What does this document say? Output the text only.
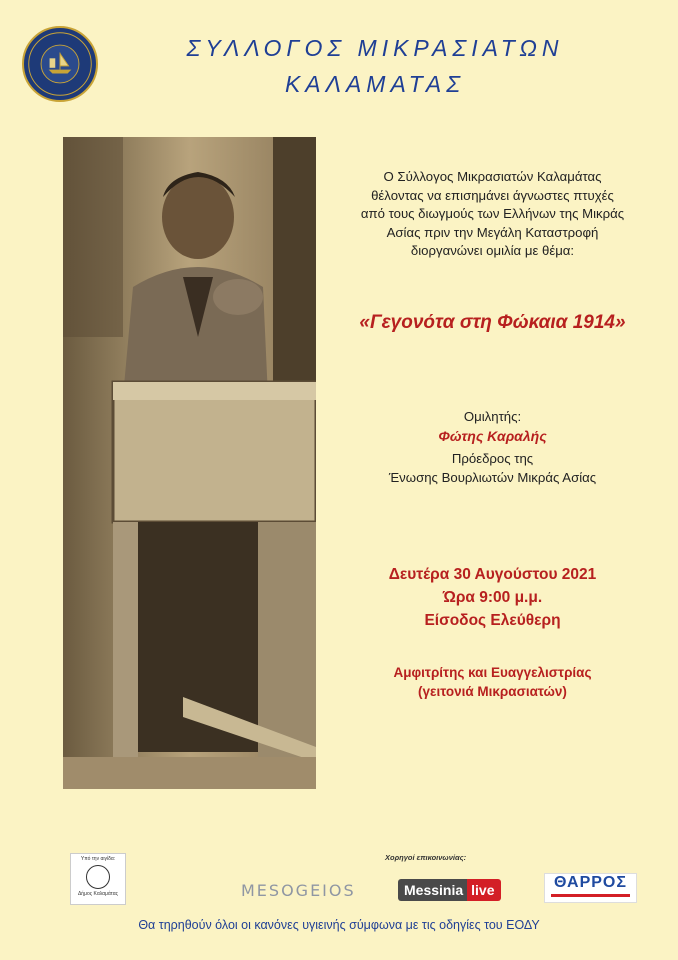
ΣΥΛΛΟΓΟΣ ΜΙΚΡΑΣΙΑΤΩΝ
ΚΑΛΑΜΑΤΑΣ
Ο Σύλλογος Μικρασιατών Καλαμάτας
θέλοντας να επισημάνει άγνωστες πτυχές
από τους διωγμούς των Ελλήνων της Μικράς
Ασίας πριν την Μεγάλη Καταστροφή
διοργανώνει ομιλία με θέμα:
«Γεγονότα στη Φώκαια 1914»
Ομιλητής:
Φώτης Καραλής
Πρόεδρος της
Ένωσης Βουρλιωτών Μικράς Ασίας
Δευτέρα 30 Αυγούστου 2021
Ώρα 9:00 μ.μ.
Είσοδος Ελεύθερη
Αμφιτρίτης και Ευαγγελιστρίας
(γειτονιά Μικρασιατών)
Υπό την αιγίδα:
Δήμος Καλαμάτας
Χορηγοί επικοινωνίας:
MESOGEIOS	Messinia live	ΘΑΡΡΟΣ
Θα τηρηθούν όλοι οι κανόνες υγιεινής σύμφωνα με τις οδηγίες του ΕΟΔΥ
